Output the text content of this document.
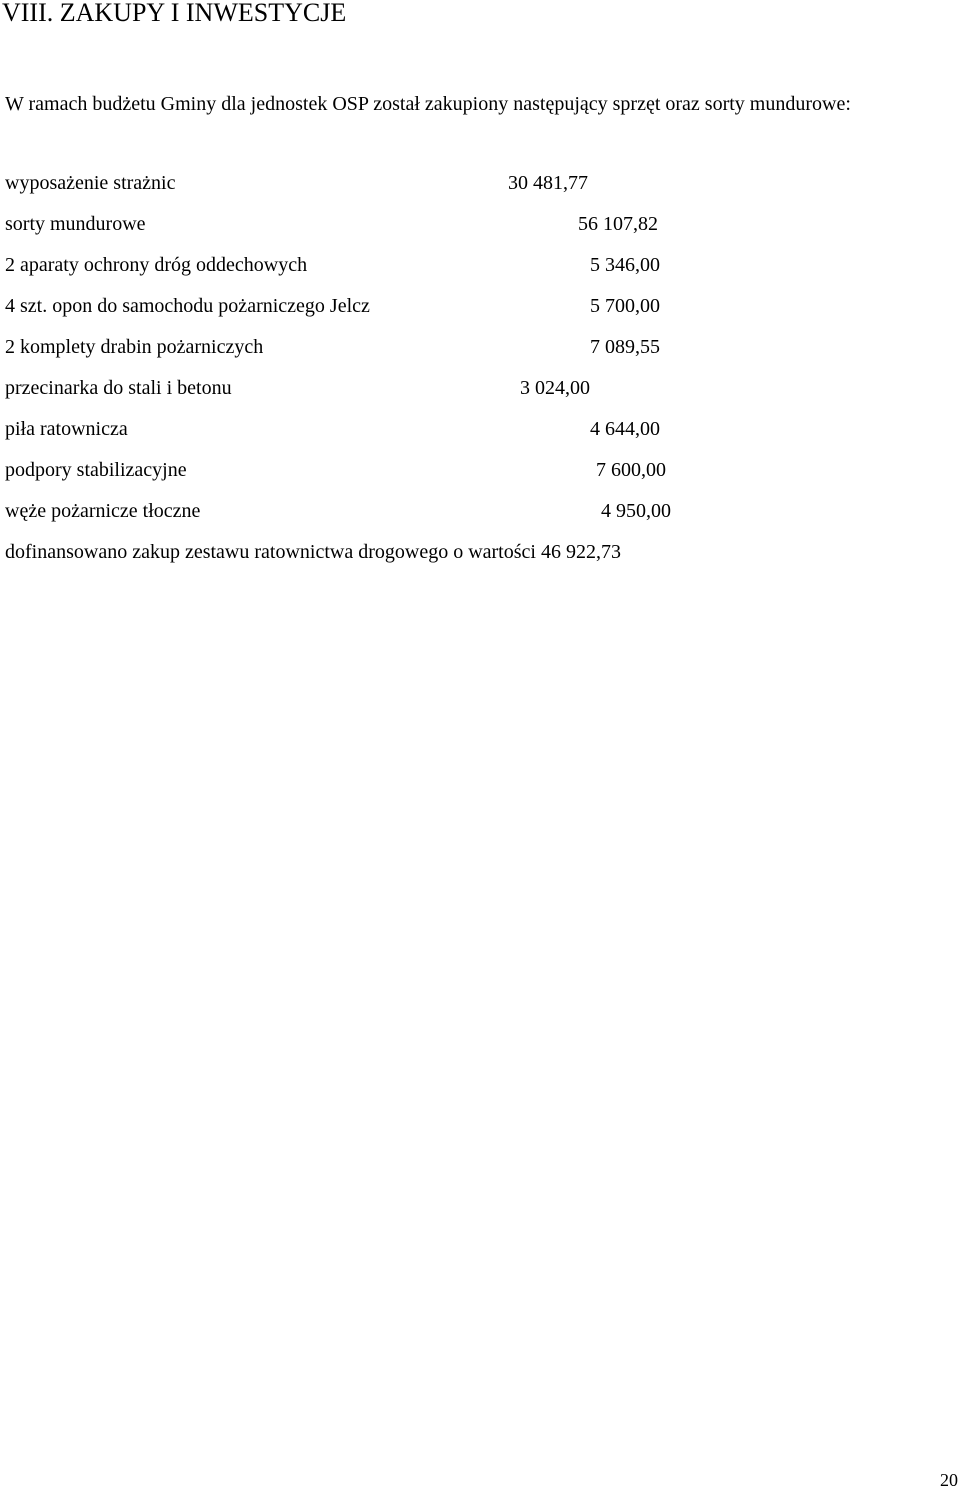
VIII. ZAKUPY I INWESTYCJE

W ramach budżetu Gminy dla jednostek OSP został zakupiony następujący sprzęt oraz sorty mundurowe:

wyposażenie strażnic	30 481,77
sorty mundurowe	56 107,82
2 aparaty ochrony dróg oddechowych	5 346,00
4 szt. opon do samochodu pożarniczego Jelcz	5 700,00
2 komplety drabin pożarniczych	7 089,55
przecinarka do stali i betonu	3 024,00
piła ratownicza	4 644,00
podpory stabilizacyjne	7 600,00
węże pożarnicze tłoczne	4 950,00

dofinansowano zakup zestawu ratownictwa drogowego o wartości 46 922,73

20
